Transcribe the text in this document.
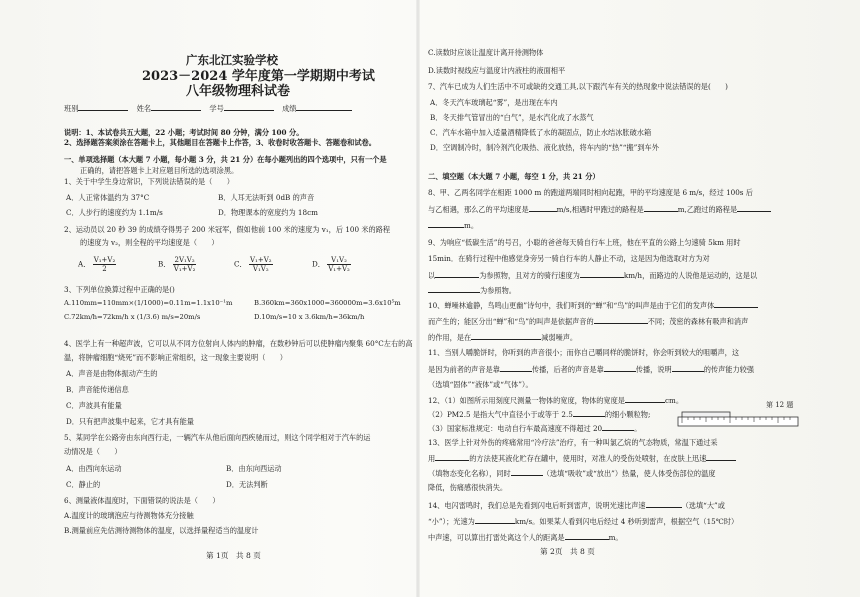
广东北江实验学校
2023－2024 学年度第一学期期中考试
八年级物理科试卷
班别	姓名	学号	成绩
说明：1、本试卷共五大题，22 小题；考试时间 80 分钟，满分 100 分。
2、选择题答案须涂在答题卡上，其他题目在答题卡上作答，3、收卷时收答题卡、答题卷和试卷。
一、单项选择题（本大题 7 小题，每小题 3 分，共 21 分）在每小题列出的四个选项中，只有一个是
正确的，请把答题卡上对应题目所选的选项涂黑。
1、关于中学生身边常识，下列说法错误的是（　　）
A．人正常体温约为 37°C	B．人耳无法听到 0dB 的声音
C．人步行的速度约为 1.1m/s	D．物理课本的宽度约为 18cm
2、运动员以 20 秒 39 的成绩夺得男子 200 米冠军，假如他前 100 米的速度为 v₁，后 100 米的路程
的速度为 v₂，则全程的平均速度是（　　）
A． $\frac{\text{V₁+V₂}}{2}$	B． $\frac{\text{2V₁V₂}}{\text{V₁+V₂}}$	C． $\frac{\text{V₁+V₂}}{\text{V₁V₂}}$	D． $\frac{\text{V₁V₂}}{\text{V₁+V₂}}$
3、下列单位换算过程中正确的是()
A.110mm=110mm×(1/1000)=0.11m=1.1x10⁻¹m	B.360km=360x1000=360000m=3.6x10⁵m
C.72km/h=72km/h x (1/3.6) m/s=20m/s	D.10m/s=10 x 3.6km/h=36km/h
4、医学上有一种超声波，它可以从不同方位射向人体内的肿瘤，在数秒钟后可以使肿瘤内聚集 60°C左右的高
温，将肿瘤细胞“烧死”而不影响正常组织，这一现象主要说明（　　）
A．声音是由物体振动产生的
B．声音能传递信息
C．声波具有能量
D．只有把声波集中起来，它才具有能量
5、某同学在公路旁由东向西行走，一辆汽车从他后面向西疾驰而过，则这个同学相对于汽车的运
动情况是（　　）
A．由西向东运动	B．由东向西运动
C．静止的	D．无法判断
6、测量液体温度时，下面错误的说法是（　　）
A.温度计的玻璃泡应与待测物体充分接触
B.测量前应先估测待测物体的温度，以选择量程适当的温度计
第 1页　共 8 页
C.读数时应该让温度计离开待测物体
D.读数时视线应与温度计内液柱的液面相平
7、汽车已成为人们生活中不可或缺的交通工具,以下跟汽车有关的热现象中说法错误的是(　　)
A．冬天汽车玻璃起“雾”，是出现在车内
B．冬天排气管冒出的“白气”，是水汽化成了水蒸气
C．汽车水箱中加入适量酒精降低了水的凝固点，防止水结冰胀破水箱
D．空调制冷时，制冷剂汽化吸热、液化放热，将车内的“热”“搬”到车外
二、填空题（本大题 7 小题，每空 1 分，共 21 分）
8、甲、乙两名同学在相距 1000 m 的跑道两端同时相向起跑，甲的平均速度是 6 m/s，经过 100s 后
与乙相遇，那么乙的平均速度是	m/s,相遇时甲跑过的路程是	m,乙跑过的路程是
m。
9、为响应“低碳生活”的号召，小聪的爸爸每天骑自行车上班，他在平直的公路上匀速骑 5km 用时
15min．在骑行过程中他感觉身旁另一骑自行车的人静止不动，这是因为他选取对方为对
以	为参照物，且对方的骑行速度为	km/h，而路边的人说他是运动的，这是以
为参照物。
10、蝉噪林逾静，鸟鸣山更幽”诗句中，我们听到的“蝉”和“鸟”的叫声是由于它们的发声体
而产生的；能区分出“蝉”和“鸟”的叫声是依据声音的	不同；茂密的森林有吸声和消声
的作用，是在	减弱噪声。
11、当别人嚼脆饼时，你听到的声音很小；而你自己嚼同样的脆饼时，你会听到较大的咀嚼声，这
是因为前者的声音是靠	传播，后者的声音是靠	传播，说明	的传声能力较强
（选填“固体”“液体”或“气体”）。
12、（1）如图所示用刻度尺测量一物体的宽度，物体的宽度是	cm。
（2）PM2.5 是指大气中直径小于或等于 2.5	的细小颗粒物;
（3）国家标准规定：电动自行车最高速度不得超过 20	。
第 12 题
13、医学上针对外伤的疼痛常用“冷疗法”治疗，有一种叫氯乙烷的气态物质，常温下通过采
用	的方法使其液化贮存在罐中，使用时，对准人的受伤处喷射，在皮肤上迅速
（填物态变化名称），同时	（选填“吸收”或“放出”）热量，使人体受伤部位的温度
降低，伤痛感很快消失。
14、电闪雷鸣时，我们总是先看到闪电后听到雷声，说明光速比声速	（选填“大”或
“小”）；光速为	km/s。如果某人看到闪电后经过 4 秒听到雷声，根据空气（15℃时）
中声速，可以算出打雷处离这个人的距离是	m。
第 2页　共 8 页
